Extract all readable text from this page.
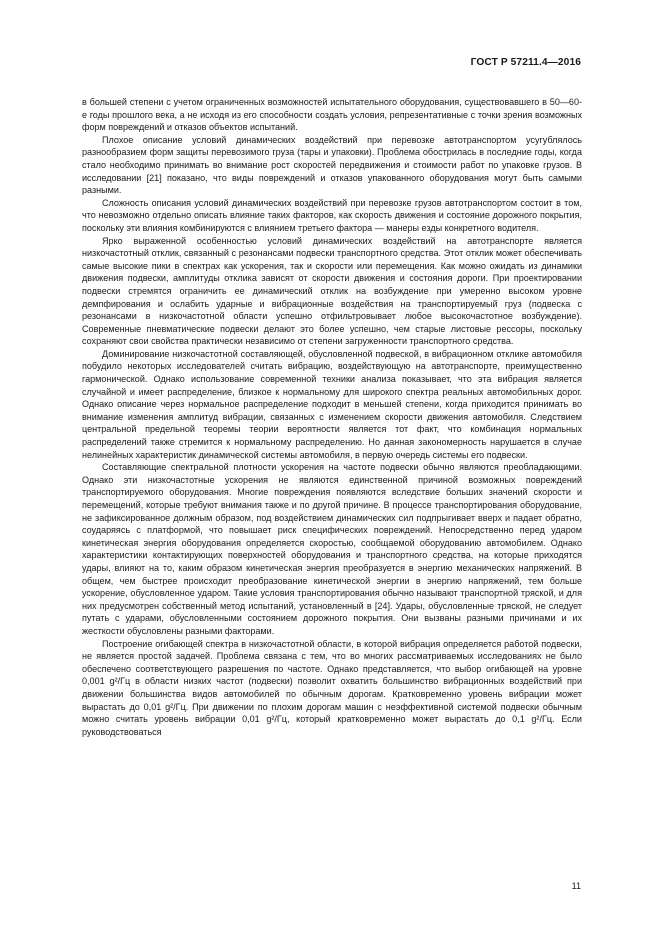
ГОСТ Р 57211.4—2016

в большей степени с учетом ограниченных возможностей испытательного оборудования, существовавшего в 50—60-е годы прошлого века, а не исходя из его способности создать условия, репрезентативные с точки зрения возможных форм повреждений и отказов объектов испытаний.

Плохое описание условий динамических воздействий при перевозке автотранспортом усугублялось разнообразием форм защиты перевозимого груза (тары и упаковки). Проблема обострилась в последние годы, когда стало необходимо принимать во внимание рост скоростей передвижения и стоимости работ по упаковке грузов. В исследовании [21] показано, что виды повреждений и отказов упакованного оборудования могут быть самыми разными.

Сложность описания условий динамических воздействий при перевозке грузов автотранспортом состоит в том, что невозможно отдельно описать влияние таких факторов, как скорость движения и состояние дорожного покрытия, поскольку эти влияния комбинируются с влиянием третьего фактора — манеры езды конкретного водителя.

Ярко выраженной особенностью условий динамических воздействий на автотранспорте является низкочастотный отклик, связанный с резонансами подвески транспортного средства. Этот отклик может обеспечивать самые высокие пики в спектрах как ускорения, так и скорости или перемещения. Как можно ожидать из динамики движения подвески, амплитуды отклика зависят от скорости движения и состояния дороги. При проектировании подвески стремятся ограничить ее динамический отклик на возбуждение при умеренно высоком уровне демпфирования и ослабить ударные и вибрационные воздействия на транспортируемый груз (подвеска с резонансами в низкочастотной области успешно отфильтровывает любое высокочастотное возбуждение). Современные пневматические подвески делают это более успешно, чем старые листовые рессоры, поскольку сохраняют свои свойства практически независимо от степени загруженности транспортного средства.

Доминирование низкочастотной составляющей, обусловленной подвеской, в вибрационном отклике автомобиля побудило некоторых исследователей считать вибрацию, воздействующую на автотранспорте, преимущественно гармонической. Однако использование современной техники анализа показывает, что эта вибрация является случайной и имеет распределение, близкое к нормальному для широкого спектра реальных автомобильных дорог. Однако описание через нормальное распределение подходит в меньшей степени, когда приходится принимать во внимание изменения амплитуд вибрации, связанных с изменением скорости движения автомобиля. Следствием центральной предельной теоремы теории вероятности является тот факт, что комбинация нормальных распределений также стремится к нормальному распределению. Но данная закономерность нарушается в случае нелинейных характеристик динамической системы автомобиля, в первую очередь системы его подвески.

Составляющие спектральной плотности ускорения на частоте подвески обычно являются преобладающими. Однако эти низкочастотные ускорения не являются единственной причиной возможных повреждений транспортируемого оборудования. Многие повреждения появляются вследствие больших значений скорости и перемещений, которые требуют внимания также и по другой причине. В процессе транспортирования оборудование, не зафиксированное должным образом, под воздействием динамических сил подпрыгивает вверх и падает обратно, соударяясь с платформой, что повышает риск специфических повреждений. Непосредственно перед ударом кинетическая энергия оборудования определяется скоростью, сообщаемой оборудованию автомобилем. Однако характеристики контактирующих поверхностей оборудования и транспортного средства, на которые приходятся удары, влияют на то, каким образом кинетическая энергия преобразуется в энергию механических напряжений. В общем, чем быстрее происходит преобразование кинетической энергии в энергию напряжений, тем больше ускорение, обусловленное ударом. Такие условия транспортирования обычно называют транспортной тряской, и для них предусмотрен собственный метод испытаний, установленный в [24]. Удары, обусловленные тряской, не следует путать с ударами, обусловленными состоянием дорожного покрытия. Они вызваны разными причинами и их жесткости обусловлены разными факторами.

Построение огибающей спектра в низкочастотной области, в которой вибрация определяется работой подвески, не является простой задачей. Проблема связана с тем, что во многих рассматриваемых исследованиях не было обеспечено соответствующего разрешения по частоте. Однако представляется, что выбор огибающей на уровне 0,001 g²/Гц в области низких частот (подвески) позволит охватить большинство вибрационных воздействий при движении большинства видов автомобилей по обычным дорогам. Кратковременно уровень вибрации может вырастать до 0,01 g²/Гц. При движении по плохим дорогам машин с неэффективной системой подвески обычным можно считать уровень вибрации 0,01 g²/Гц, который кратковременно может вырастать до 0,1 g²/Гц. Если руководствоваться

11
